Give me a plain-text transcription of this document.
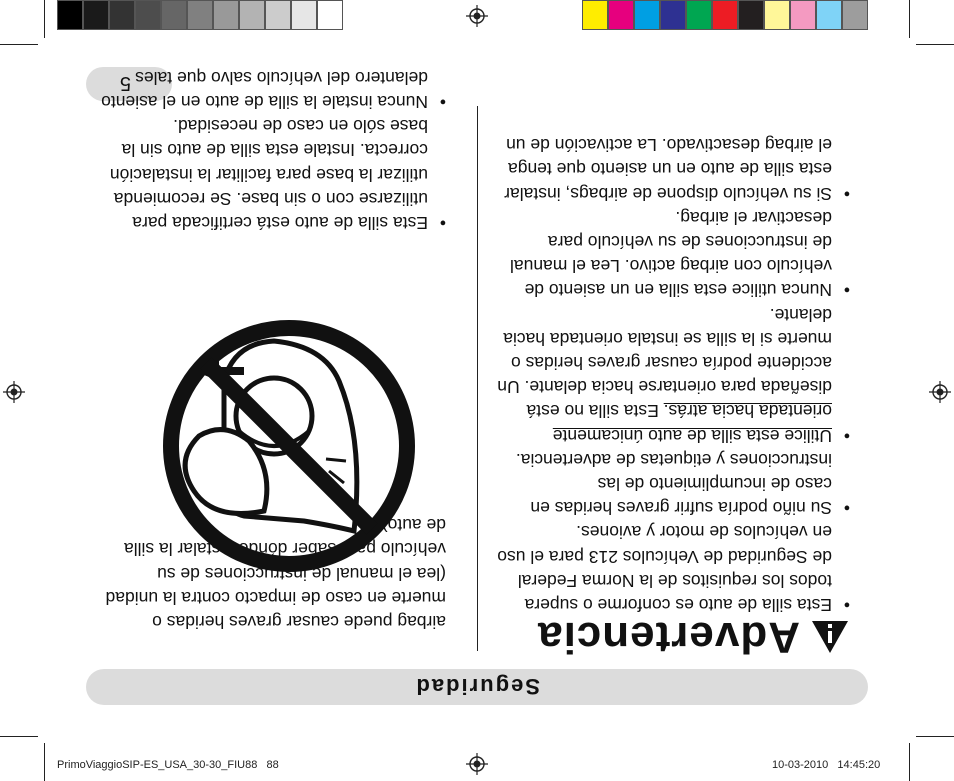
PrimoViaggioSIP-ES_USA_30-30_FIU88   88	10-03-2010   14:45:20
Seguridad
5
Advertencia
• Esta silla de auto es conforme o supera todos los requisitos de la Norma Federal de Seguridad de Vehículos 213 para el uso en vehículos de motor y aviones.
• Su niño podría sufrir graves heridas en caso de incumplimiento de las instrucciones y etiquetas de advertencia.
• Utilice esta silla de auto únicamente orientada hacia atrás. Esta silla no está diseñada para orientarse hacia delante. Un accidente podría causar graves heridas o muerte si la silla se instala orientada hacia delante.
• Nunca utilice esta silla en un asiento de vehículo con airbag activo. Lea el manual de instrucciones de su vehículo para desactivar el airbag.
• Si su vehículo dispone de airbags, instalar esta silla de auto en un asiento que tenga el airbag desactivado. La activación de un
airbag puede causar graves heridas o muerte en caso de impacto contra la unidad (lea el manual de instrucciones de su vehículo para saber dónde instalar la silla de auto).
• Esta silla de auto está certificada para utilizarse con o sin base. Se recomienda utilizar la base para facilitar la instalación correcta. Instale esta silla de auto sin la base sólo en caso de necesidad.
• Nunca instale la silla de auto en el asiento delantero del vehículo salvo que tales
